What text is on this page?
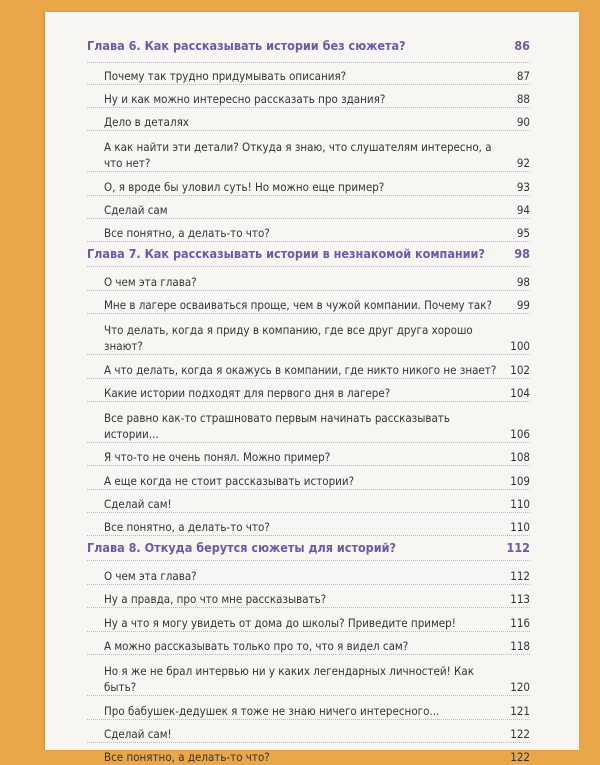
Глава 6. Как рассказывать истории без сюжета?	86
Почему так трудно придумывать описания?	87
Ну и как можно интересно рассказать про здания?	88
Дело в деталях	90
А как найти эти детали? Откуда я знаю, что слушателям интересно, а что нет?	92
О, я вроде бы уловил суть! Но можно еще пример?	93
Сделай сам	94
Все понятно, а делать-то что?	95
Глава 7. Как рассказывать истории в незнакомой компании? 98
О чем эта глава?	98
Мне в лагере осваиваться проще, чем в чужой компании. Почему так?	99
Что делать, когда я приду в компанию, где все друг друга хорошо знают?	100
А что делать, когда я окажусь в компании, где никто никого не знает?	102
Какие истории подходят для первого дня в лагере?	104
Все равно как-то страшновато первым начинать рассказывать истории...	106
Я что-то не очень понял. Можно пример?	108
А еще когда не стоит рассказывать истории?	109
Сделай сам!	110
Все понятно, а делать-то что?	110
Глава 8. Откуда берутся сюжеты для историй?	112
О чем эта глава?	112
Ну а правда, про что мне рассказывать?	113
Ну а что я могу увидеть от дома до школы? Приведите пример!	116
А можно рассказывать только про то, что я видел сам?	118
Но я же не брал интервью ни у каких легендарных личностей! Как быть?	120
Про бабушек-дедушек я тоже не знаю ничего интересного...	121
Сделай сам!	122
Все понятно, а делать-то что?	122
